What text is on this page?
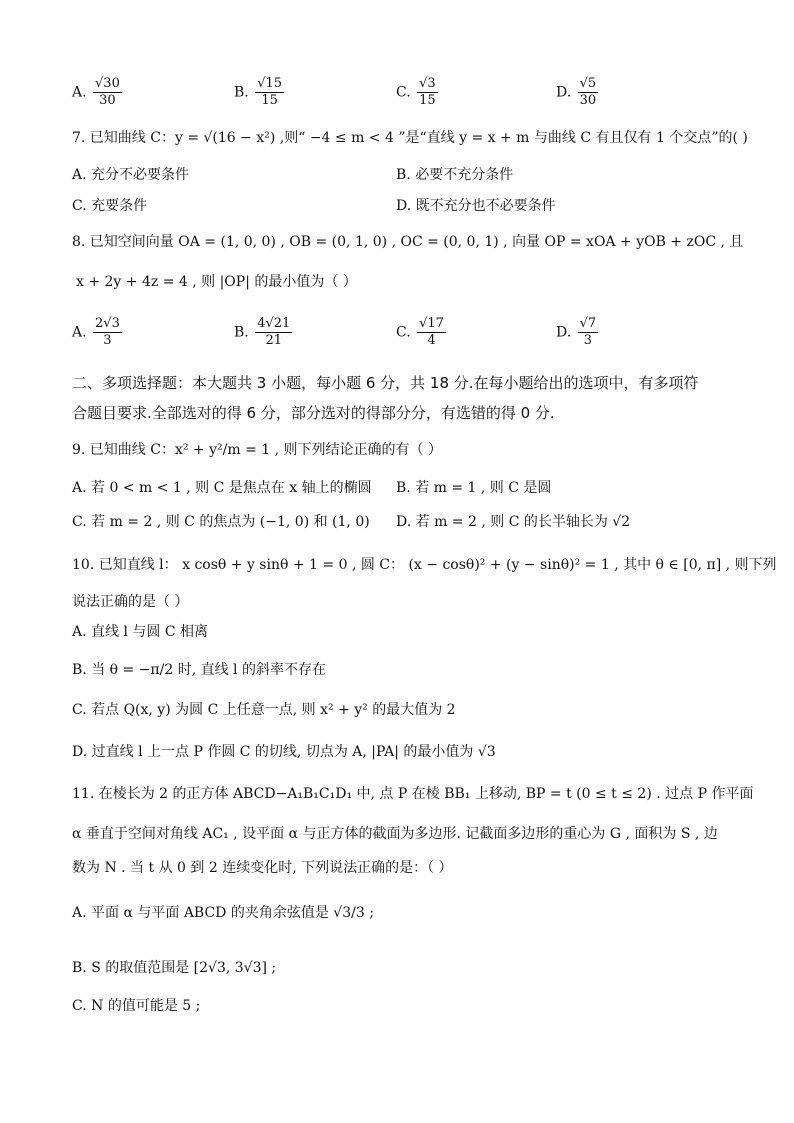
A. $\frac{√30}{30}$	B. $\frac{√15}{15}$	C. $\frac{√3}{15}$	D. $\frac{√5}{30}$
7. 已知曲线 C：y = √(16 − x²) ,则“ −4 ≤ m < 4 ”是“直线 y = x + m 与曲线 C 有且仅有 1 个交点”的( )
A. 充分不必要条件	B. 必要不充分条件
C. 充要条件	D. 既不充分也不必要条件
8. 已知空间向量 OA = (1, 0, 0) , OB = (0, 1, 0) , OC = (0, 0, 1) , 向量 OP = xOA + yOB + zOC , 且
x + 2y + 4z = 4 , 则 |OP| 的最小值为（ ）
A. $\frac{2√3}{3}$	B. $\frac{4√21}{21}$	C. $\frac{√17}{4}$	D. $\frac{√7}{3}$
二、多项选择题：本大题共 3 小题，每小题 6 分，共 18 分.在每小题给出的选项中，有多项符
合题目要求.全部选对的得 6 分，部分选对的得部分分，有选错的得 0 分.
9. 已知曲线 C：x² + y²/m = 1 , 则下列结论正确的有（ ）
A. 若 0 < m < 1 , 则 C 是焦点在 x 轴上的椭圆 B. 若 m = 1 , 则 C 是圆
C. 若 m = 2 , 则 C 的焦点为 (−1, 0) 和 (1, 0) D. 若 m = 2 , 则 C 的长半轴长为 √2
10. 已知直线 l： x cosθ + y sinθ + 1 = 0 , 圆 C： (x − cosθ)² + (y − sinθ)² = 1 , 其中 θ ∈ [0, π] , 则下列
说法正确的是（ ）
A. 直线 l 与圆 C 相离
B. 当 θ = −π/2 时, 直线 l 的斜率不存在
C. 若点 Q(x, y) 为圆 C 上任意一点, 则 x² + y² 的最大值为 2
D. 过直线 l 上一点 P 作圆 C 的切线, 切点为 A, |PA| 的最小值为 √3
11. 在棱长为 2 的正方体 ABCD−A₁B₁C₁D₁ 中, 点 P 在棱 BB₁ 上移动, BP = t (0 ≤ t ≤ 2) . 过点 P 作平面
α 垂直于空间对角线 AC₁ , 设平面 α 与正方体的截面为多边形. 记截面多边形的重心为 G , 面积为 S , 边
数为 N . 当 t 从 0 到 2 连续变化时, 下列说法正确的是：（ ）
A. 平面 α 与平面 ABCD 的夹角余弦值是 √3/3 ;
B. S 的取值范围是 [2√3, 3√3] ;
C. N 的值可能是 5 ;
